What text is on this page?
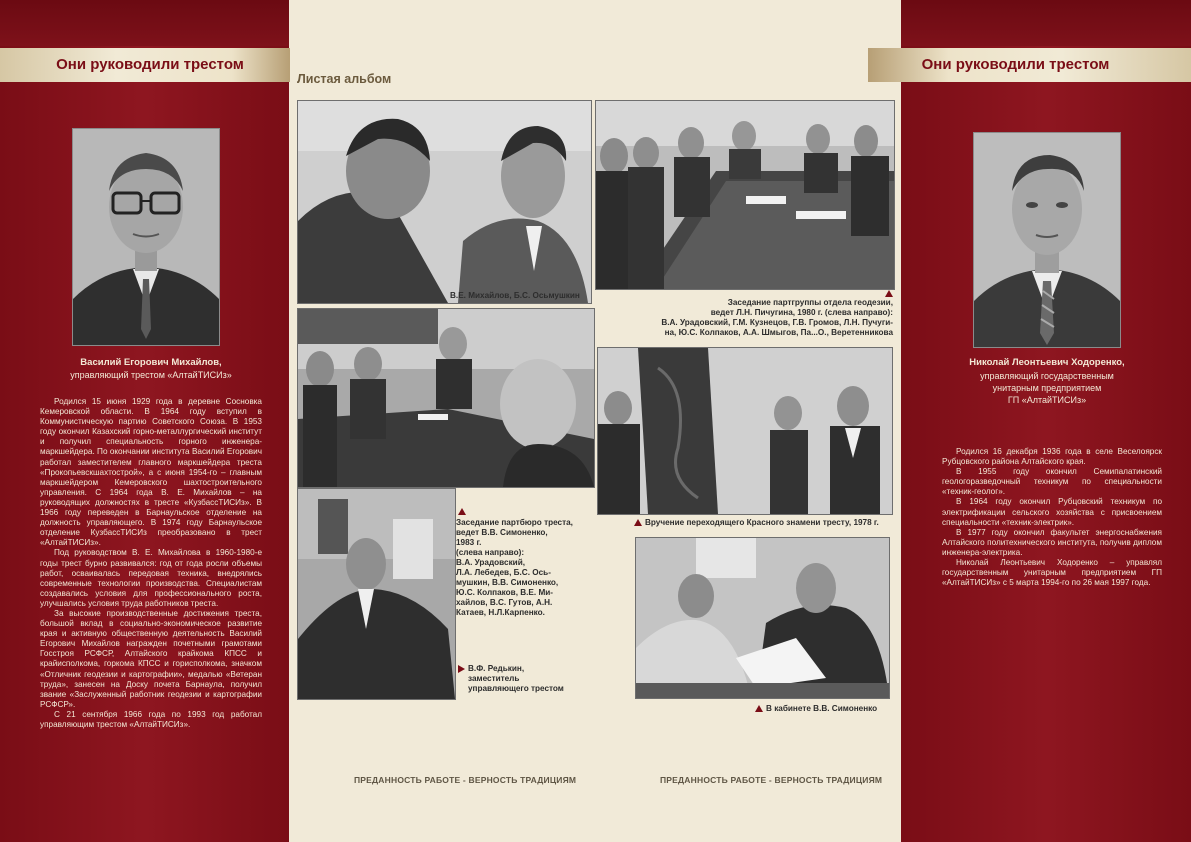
Они руководили трестом
Василий Егорович Михайлов,
управляющий трестом «АлтайТИСИз»

Родился 15 июня 1929 года в деревне Сосновка Кемеровской области. В 1964 году вступил в Коммунистическую партию Советского Союза. В 1953 году окончил Казахский горно-металлургический институт и получил специальность горного инженера-маркшейдера. По окончании института Василий Егорович работал заместителем главного маркшейдера треста «Прокопьевскшахтострой», а с июня 1954-го – главным маркшейдером Кемеровского шахтостроительного управления. С 1964 года В. Е. Михайлов – на руководящих должностях в тресте «КузбассТИСИз». В 1966 году переведен в Барнаульское отделение на должность управляющего. В 1974 году Барнаульское отделение КузбассТИСИз преобразовано в трест «АлтайТИСИз».

Под руководством В. Е. Михайлова в 1960-1980-е годы трест бурно развивался: год от года росли объемы работ, осваивалась передовая техника, внедрялись современные технологии производства. Специалистам создавались условия для профессионального роста, улучшались условия труда работников треста.

За высокие производственные достижения треста, большой вклад в социально-экономическое развитие края и активную общественную деятельность Василий Егорович Михайлов награжден почетными грамотами Госстроя РСФСР, Алтайского крайкома КПСС и крайисполкома, горкома КПСС и горисполкома, значком «Отличник геодезии и картографии», медалью «Ветеран труда», занесен на Доску почета Барнаула, получил звание «Заслуженный работник геодезии и картографии РСФСР».

С 21 сентября 1966 года по 1993 год работал управляющим трестом «АлтайТИСИз».

Они руководили трестом
Николай Леонтьевич Ходоренко,
управляющий государственным
унитарным предприятием
ГП «АлтайТИСИз»

Родился 16 декабря 1936 года в селе Веселоярск Рубцовского района Алтайского края.

В 1955 году окончил Семипалатинский геологоразведочный техникум по специальности «техник-геолог».

В 1964 году окончил Рубцовский техникум по электрификации сельского хозяйства с присвоением специальности «техник-электрик».

В 1977 году окончил факультет энергоснабжения Алтайского политехнического института, получив диплом инженера-электрика.

Николай Леонтьевич Ходоренко – управлял государственным унитарным предприятием ГП «АлтайТИСИз» с 5 марта 1994-го по 26 мая 1997 года.

Листая альбом
В.Е. Михайлов, Б.С. Осьмушкин
Заседание партгруппы отдела геодезии,
ведет Л.Н. Пичугина, 1980 г. (слева направо):
В.А. Урадовский, Г.М. Кузнецов, Г.В. Громов, Л.Н. Пучуги-
на, Ю.С. Колпаков, А.А. Шмыгов, Па...О., Веретенникова
Вручение переходящего Красного знамени тресту, 1978 г.
Заседание партбюро треста,
ведет В.В. Симоненко,
1983 г.
(слева направо):
В.А. Урадовский,
Л.А. Лебедев, Б.С. Ось-
мушкин, В.В. Симоненко,
Ю.С. Колпаков, В.Е. Ми-
хайлов, В.С. Гутов, А.Н.
Катаев, Н.Л.Карпенко.
В.Ф. Редькин,
заместитель
управляющего трестом
В кабинете В.В. Симоненко
ПРЕДАННОСТЬ РАБОТЕ - ВЕРНОСТЬ ТРАДИЦИЯМ	ПРЕДАННОСТЬ РАБОТЕ - ВЕРНОСТЬ ТРАДИЦИЯМ
